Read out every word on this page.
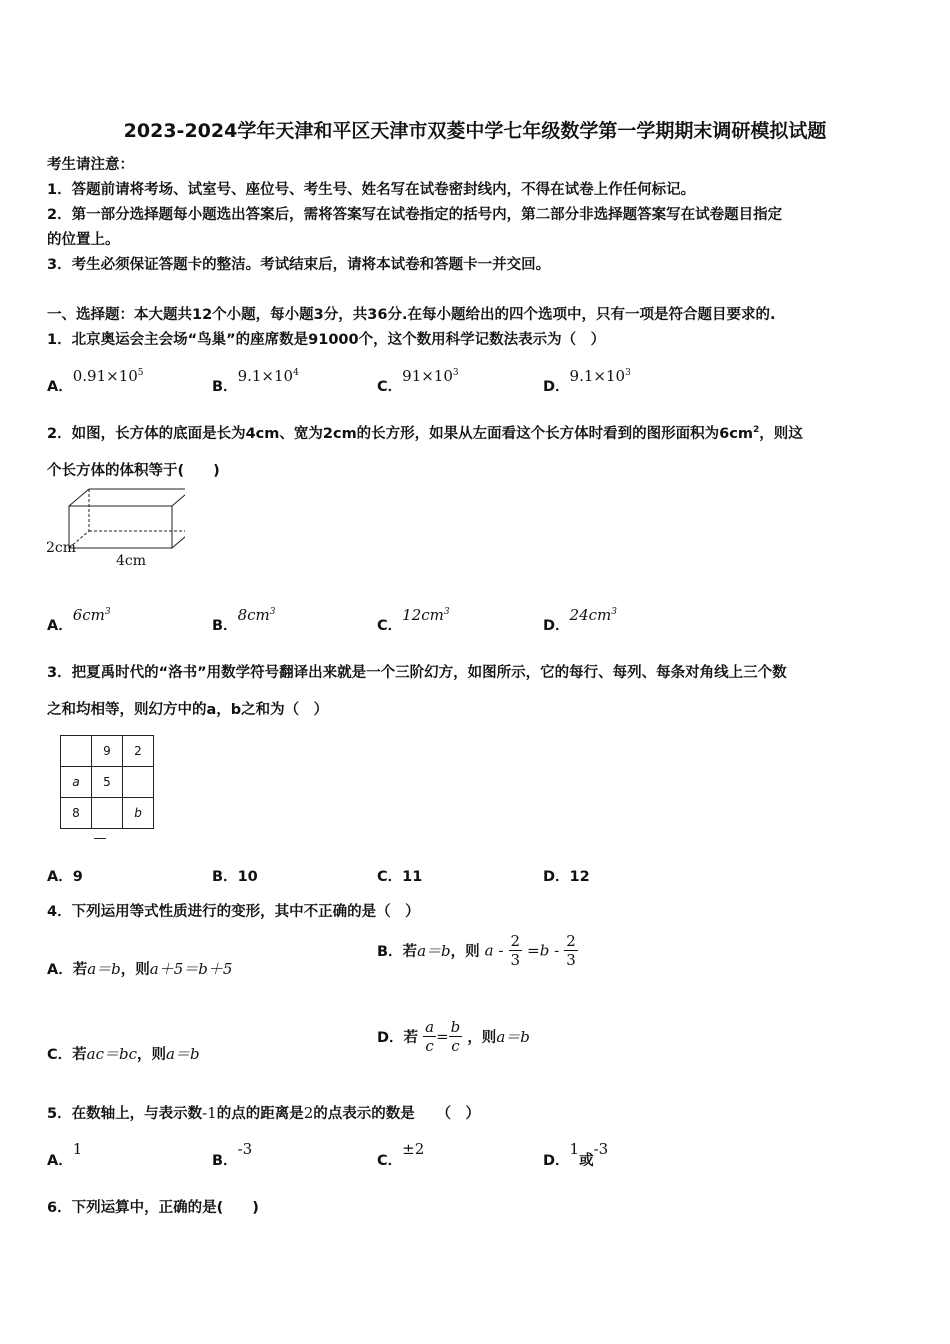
2023-2024学年天津和平区天津市双菱中学七年级数学第一学期期末调研模拟试题
考生请注意：
1．答题前请将考场、试室号、座位号、考生号、姓名写在试卷密封线内，不得在试卷上作任何标记。
2．第一部分选择题每小题选出答案后，需将答案写在试卷指定的括号内，第二部分非选择题答案写在试卷题目指定
的位置上。
3．考生必须保证答题卡的整洁。考试结束后，请将本试卷和答题卡一并交回。
一、选择题：本大题共12个小题，每小题3分，共36分.在每小题给出的四个选项中，只有一项是符合题目要求的.
1．北京奥运会主会场“鸟巢”的座席数是91000个，这个数用科学记数法表示为（　）
A．$0.91\times 10^5$
B．$9.1\times 10^4$
C．$91\times 10^3$
D．$9.1\times 10^3$
2．如图，长方体的底面是长为4cm、宽为2cm的长方形，如果从左面看这个长方体时看到的图形面积为$6cm^2$，则这
个长方体的体积等于(　　)
2cm
4cm
A．$6cm^3$
B．$8cm^3$
C．$12cm^3$
D．$24cm^3$
3．把夏禹时代的“洛书”用数学符号翻译出来就是一个三阶幻方，如图所示，它的每行、每列、每条对角线上三个数
之和均相等，则幻方中的a，b之和为（　）
	9	2
a	5	
8		b
A．9	B．10	C．11	D．12
4．下列运用等式性质进行的变形，其中不正确的是（　）
A．若a＝b，则a＋5＝b＋5
B．若a＝b，则 $a - \frac{2}{3} =b - \frac{2}{3}$
C．若ac＝bc，则a＝b
D．若 $\frac{a}{c} = \frac{b}{c}$ ，则a＝b
5．在数轴上，与表示数-1的点的距离是2的点表示的数是　　（　）
A．1
B．-3
C．±2
D．1或-3
6．下列运算中，正确的是(　　)
